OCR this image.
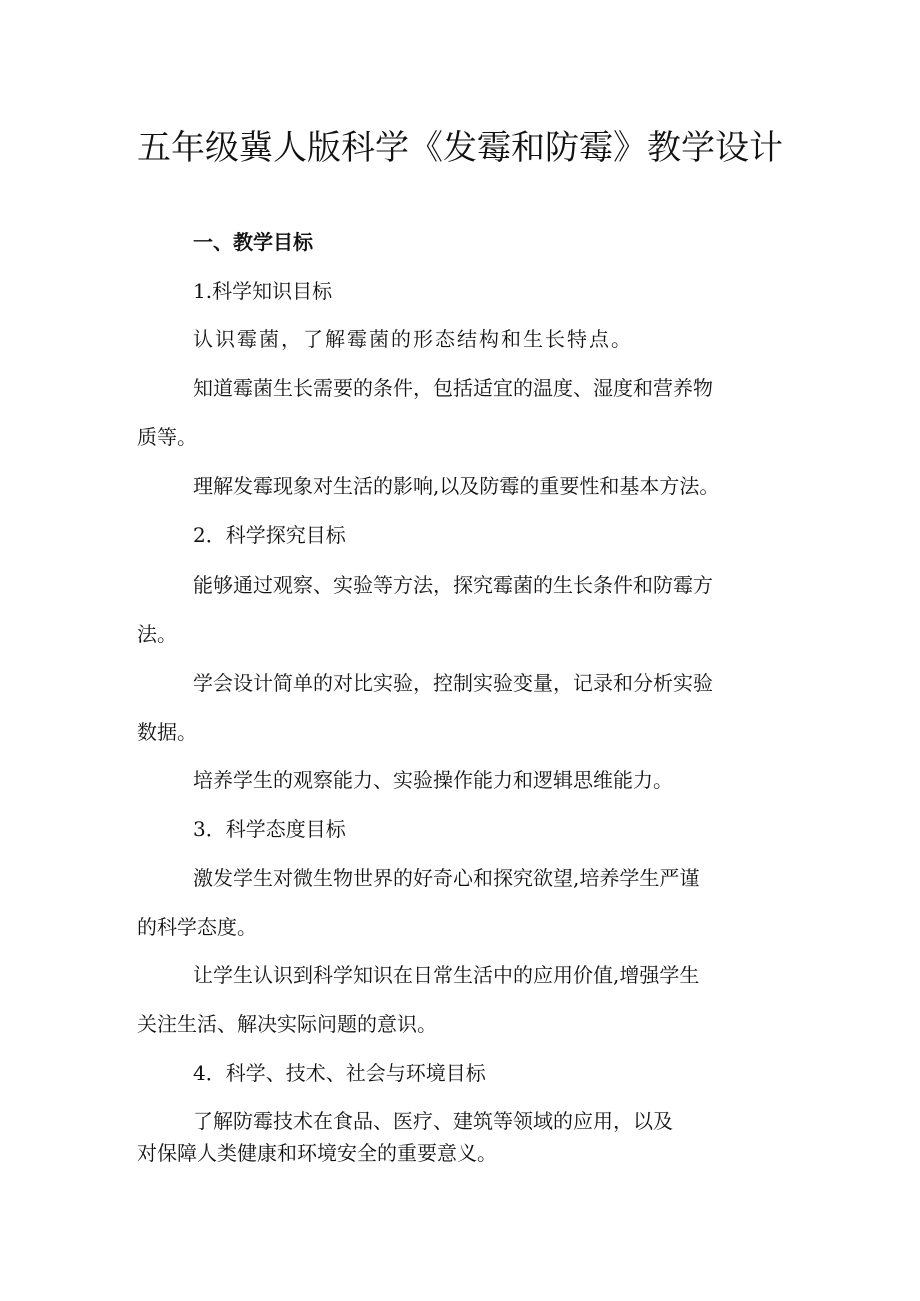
五年级冀人版科学《发霉和防霉》教学设计

一、教学目标

1.科学知识目标

认识霉菌，了解霉菌的形态结构和生长特点。

知道霉菌生长需要的条件，包括适宜的温度、湿度和营养物

质等。

理解发霉现象对生活的影响,以及防霉的重要性和基本方法。

2．科学探究目标

能够通过观察、实验等方法，探究霉菌的生长条件和防霉方

法。

学会设计简单的对比实验，控制实验变量，记录和分析实验

数据。

培养学生的观察能力、实验操作能力和逻辑思维能力。

3．科学态度目标

激发学生对微生物世界的好奇心和探究欲望,培养学生严谨

的科学态度。

让学生认识到科学知识在日常生活中的应用价值,增强学生

关注生活、解决实际问题的意识。

4．科学、技术、社会与环境目标

了解防霉技术在食品、医疗、建筑等领域的应用，以及

对保障人类健康和环境安全的重要意义。
